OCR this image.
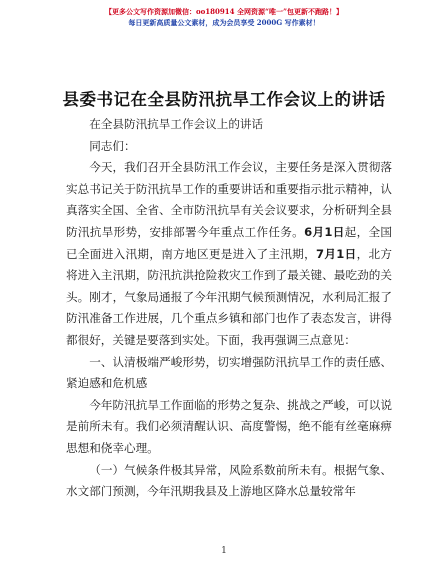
【更多公文写作资源加微信：oo180914 全网资源“唯一”包更新不跑路！】
每日更新高质量公文素材，成为会员享受 2000G 写作素材！
县委书记在全县防汛抗旱工作会议上的讲话

在全县防汛抗旱工作会议上的讲话

同志们：

今天，我们召开全县防汛工作会议，主要任务是深入贯彻落实总书记关于防汛抗旱工作的重要讲话和重要指示批示精神，认真落实全国、全省、全市防汛抗旱有关会议要求，分析研判全县防汛抗旱形势，安排部署今年重点工作任务。6月1日起，全国已全面进入汛期，南方地区更是进入了主汛期，7月1日，北方将进入主汛期，防汛抗洪抢险救灾工作到了最关键、最吃劲的关头。刚才，气象局通报了今年汛期气候预测情况，水利局汇报了防汛准备工作进展，几个重点乡镇和部门也作了表态发言，讲得都很好，关键是要落到实处。下面，我再强调三点意见：

一、认清极端严峻形势，切实增强防汛抗旱工作的责任感、紧迫感和危机感

今年防汛抗旱工作面临的形势之复杂、挑战之严峻，可以说是前所未有。我们必须清醒认识、高度警惕，绝不能有丝毫麻痹思想和侥幸心理。

（一）气候条件极其异常，风险系数前所未有。根据气象、水文部门预测，今年汛期我县及上游地区降水总量较常年

1
